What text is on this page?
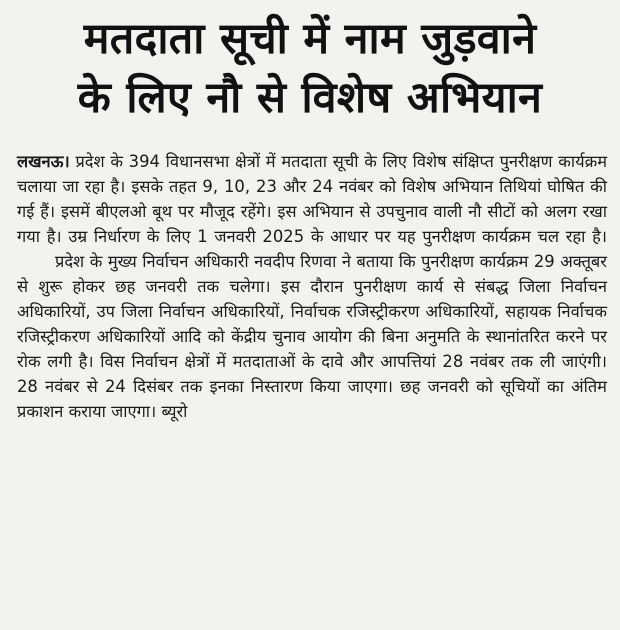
मतदाता सूची में नाम जुड़वाने
के लिए नौ से विशेष अभियान

लखनऊ। प्रदेश के 394 विधानसभा क्षेत्रों में मतदाता सूची के लिए विशेष संक्षिप्त पुनरीक्षण कार्यक्रम चलाया जा रहा है। इसके तहत 9, 10, 23 और 24 नवंबर को विशेष अभियान तिथियां घोषित की गई हैं। इसमें बीएलओ बूथ पर मौजूद रहेंगे। इस अभियान से उपचुनाव वाली नौ सीटों को अलग रखा गया है। उम्र निर्धारण के लिए 1 जनवरी 2025 के आधार पर यह पुनरीक्षण कार्यक्रम चल रहा है।

प्रदेश के मुख्य निर्वाचन अधिकारी नवदीप रिणवा ने बताया कि पुनरीक्षण कार्यक्रम 29 अक्तूबर से शुरू होकर छह जनवरी तक चलेगा। इस दौरान पुनरीक्षण कार्य से संबद्ध जिला निर्वाचन अधिकारियों, उप जिला निर्वाचन अधिकारियों, निर्वाचक रजिस्ट्रीकरण अधिकारियों, सहायक निर्वाचक रजिस्ट्रीकरण अधिकारियों आदि को केंद्रीय चुनाव आयोग की बिना अनुमति के स्थानांतरित करने पर रोक लगी है। विस निर्वाचन क्षेत्रों में मतदाताओं के दावे और आपत्तियां 28 नवंबर तक ली जाएंगी। 28 नवंबर से 24 दिसंबर तक इनका निस्तारण किया जाएगा। छह जनवरी को सूचियों का अंतिम प्रकाशन कराया जाएगा। ब्यूरो
